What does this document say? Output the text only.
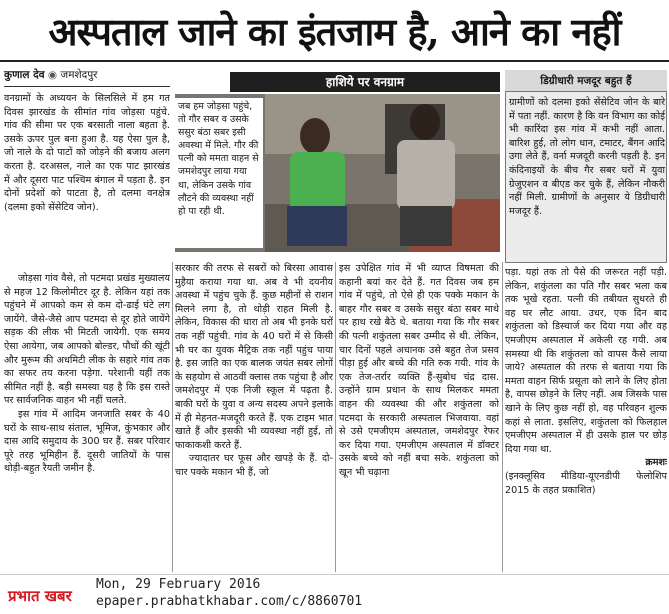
अस्पताल जाने का इंतजाम है, आने का नहीं
कुणाल देव ◉ जमशेदपुर

वनग्रामों के अध्ययन के सिलसिले में हम गत दिवस झारखंड के सीमांत गांव जोड़सा पहुंचे. गांव की सीमा पर एक बरसाती नाला बहता है. उसके ऊपर पुल बना हुआ है. यह ऐसा पुल है, जो नाले के दो पाटों को जोड़ने की बजाय अलग करता है. दरअसल, नाले का एक पाट झारखंड में और दूसरा पाट पश्चिम बंगाल में पड़ता है. इन दोनों प्रदेशों को पाटता है, तो दलमा वनक्षेत्र (दलमा इको सेंसेटिव जोन).

हाशिये पर वनग्राम
जब हम जोड़सा पहुंचे, तो गौर सबर व उसके ससुर बंठा सबर इसी अवस्था में मिले. गौर की पत्नी को ममता वाहन से जमशेदपुर लाया गया था, लेकिन उसके गांव लौटने की व्यवस्था नहीं हो पा रही थी.
डिग्रीधारी मजदूर बहुत हैं
ग्रामीणों को दलमा इको सेंसेटिव जोन के बारे में पता नहीं. कारण है कि वन विभाग का कोई भी कारिंदा इस गांव में कभी नहीं आता. बारिश हुई, तो लोग धान, टमाटर, बैंगन आदि उगा लेते हैं, वर्ना मजदूरी करनी पड़ती है. इन कंदिनाइयों के बीच गैर सबर घरों में युवा ग्रेजुएशन व बीएड कर चुके हैं, लेकिन नौकरी नहीं मिली. ग्रामीणों के अनुसार ये डिग्रीधारी मजदूर हैं.

जोड़सा गांव वैसे, तो पटमदा प्रखंड मुख्यालय से महज 12 किलोमीटर दूर है. लेकिन यहां तक पहुंचने में आपको कम से कम दो-ढाई घंटे लग जायेंगे. जैसे-जैसे आप पटमदा से दूर होते जायेंगे सड़क की लीक भी मिटती जायेगी. एक समय ऐसा आयेगा, जब आपको बोल्डर, पौधों की खूंटी और मुरूम की अधमिटी लीक के सहारे गांव तक का सफर तय करना पड़ेगा. परेशानी यहीं तक सीमित नहीं है. बड़ी समस्या यह है कि इस रास्ते पर सार्वजनिक वाहन भी नहीं चलते.

इस गांव में आदिम जनजाति सबर के 40 घरों के साथ-साथ संताल, भूमिज, कुंभकार और दास आदि समुदाय के 300 घर हैं. सबर परिवार पूरे तरह भूमिहीन हैं. दूसरी जातियों के पास थोड़ी-बहुत रैयती जमीन है.

सरकार की तरफ से सबरों को बिरसा आवास मुहैया कराया गया था. अब वे भी दयनीय अवस्था में पहुंच चुके हैं. कुछ महीनों से राशन मिलने लगा है, तो थोड़ी राहत मिली है. लेकिन, विकास की धारा तो अब भी इनके घरों तक नहीं पहुंची. गांव के 40 घरों में से किसी भी घर का युवक मैट्रिक तक नहीं पहुंच पाया है. इस जाति का एक बालक जयंत सबर लोगों के सहयोग से आठवीं क्लास तक पहुंचा है और जमशेदपुर में एक निजी स्कूल में पढ़ता है. बाकी घरों के युवा व अन्य सदस्य अपने इलाके में ही मेहनत-मजदूरी करते हैं. एक टाइम भात खाते हैं और इसकी भी व्यवस्था नहीं हुई, तो फाकाकशी करते हैं.

ज्यादातर घर फूस और खपड़े के हैं. दो-चार पक्के मकान भी हैं, जो

इस उपेक्षित गांव में भी व्याप्त विषमता की कहानी बयां कर देते हैं. गत दिवस जब हम गांव में पहुंचे, तो ऐसे ही एक पक्के मकान के बाहर गौर सबर व उसके ससुर बंठा सबर माथे पर हाथ रखे बैठे थे. बताया गया कि गौर सबर की पत्नी शकुंतला सबर उम्मीद से थी. लेकिन, चार दिनों पहले अचानक उसे बहुत तेज प्रसव पीड़ा हुई और बच्चे की गति रुक गयी. गांव के एक तेज-तर्रार व्यक्ति हैं-सुबोध चंद्र दास. उन्होंने ग्राम प्रधान के साथ मिलकर ममता वाहन की व्यवस्था की और शकुंतला को पटमदा के सरकारी अस्पताल भिजवाया. वहां से उसे एमजीएम अस्पताल, जमशेदपुर रेफर कर दिया गया. एमजीएम अस्पताल में डॉक्टर उसके बच्चे को नहीं बचा सके. शकुंतला को खून भी चढ़ाना

पड़ा. यहां तक तो पैसे की जरूरत नहीं पड़ी. लेकिन, शकुंतला का पति गौर सबर भला कब तक भूखे रहता. पत्नी की तबीयत सुधरते ही वह घर लौट आया. उधर, एक दिन बाद शकुंतला को डिस्चार्ज कर दिया गया और वह एमजीएम अस्पताल में अकेली रह गयी. अब समस्या थी कि शकुंतला को वापस कैसे लाया जाये? अस्पताल की तरफ से बताया गया कि ममता वाहन सिर्फ प्रसूता को लाने के लिए होता है, वापस छोड़ने के लिए नहीं. अब जिसके पास खाने के लिए कुछ नहीं हो, वह परिवहन शुल्क कहां से लाता. इसलिए, शकुंतला को फिलहाल एमजीएम अस्पताल में ही उसके हाल पर छोड़ दिया गया था.

क्रमशः

(इनक्लूसिव मीडिया-यूएनडीपी फेलोशिप 2015 के तहत प्रकाशित)

प्रभात खबर
Mon, 29 February 2016
epaper.prabhatkhabar.com/c/8860701
